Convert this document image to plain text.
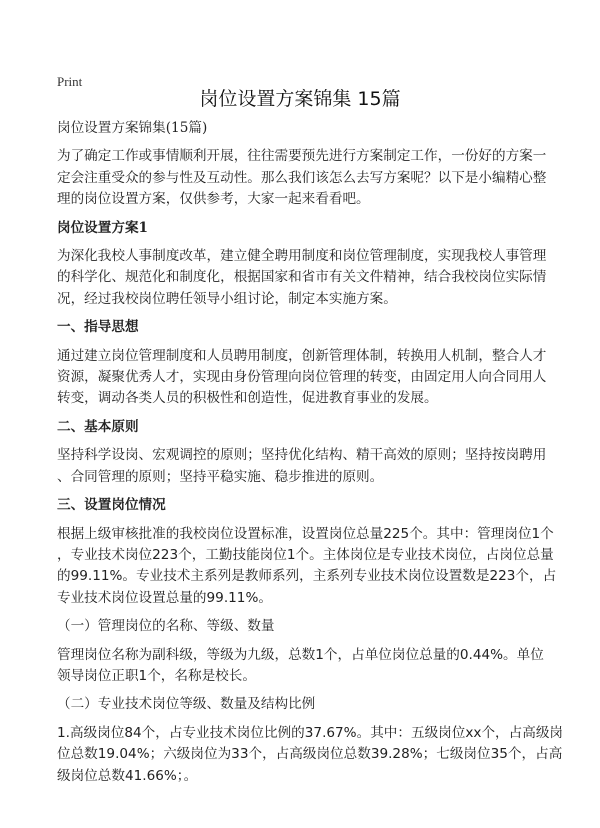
Print
岗位设置方案锦集 15篇
岗位设置方案锦集(15篇)
为了确定工作或事情顺利开展，往往需要预先进行方案制定工作，一份好的方案一
定会注重受众的参与性及互动性。那么我们该怎么去写方案呢？以下是小编精心整
理的岗位设置方案，仅供参考，大家一起来看看吧。
岗位设置方案1
为深化我校人事制度改革，建立健全聘用制度和岗位管理制度，实现我校人事管理
的科学化、规范化和制度化，根据国家和省市有关文件精神，结合我校岗位实际情
况，经过我校岗位聘任领导小组讨论，制定本实施方案。
一、指导思想
通过建立岗位管理制度和人员聘用制度，创新管理体制，转换用人机制，整合人才
资源，凝聚优秀人才，实现由身份管理向岗位管理的转变，由固定用人向合同用人
转变，调动各类人员的积极性和创造性，促进教育事业的发展。
二、基本原则
坚持科学设岗、宏观调控的原则；坚持优化结构、精干高效的原则；坚持按岗聘用
、合同管理的原则；坚持平稳实施、稳步推进的原则。
三、设置岗位情况
根据上级审核批准的我校岗位设置标准，设置岗位总量225个。其中：管理岗位1个
，专业技术岗位223个，工勤技能岗位1个。主体岗位是专业技术岗位，占岗位总量
的99.11%。专业技术主系列是教师系列，主系列专业技术岗位设置数是223个，占
专业技术岗位设置总量的99.11%。
（一）管理岗位的名称、等级、数量
管理岗位名称为副科级，等级为九级，总数1个，占单位岗位总量的0.44%。单位
领导岗位正职1个，名称是校长。
（二）专业技术岗位等级、数量及结构比例
1.高级岗位84个，占专业技术岗位比例的37.67%。其中：五级岗位xx个，占高级岗
位总数19.04%；六级岗位为33个，占高级岗位总数39.28%；七级岗位35个，占高
级岗位总数41.66%；。
